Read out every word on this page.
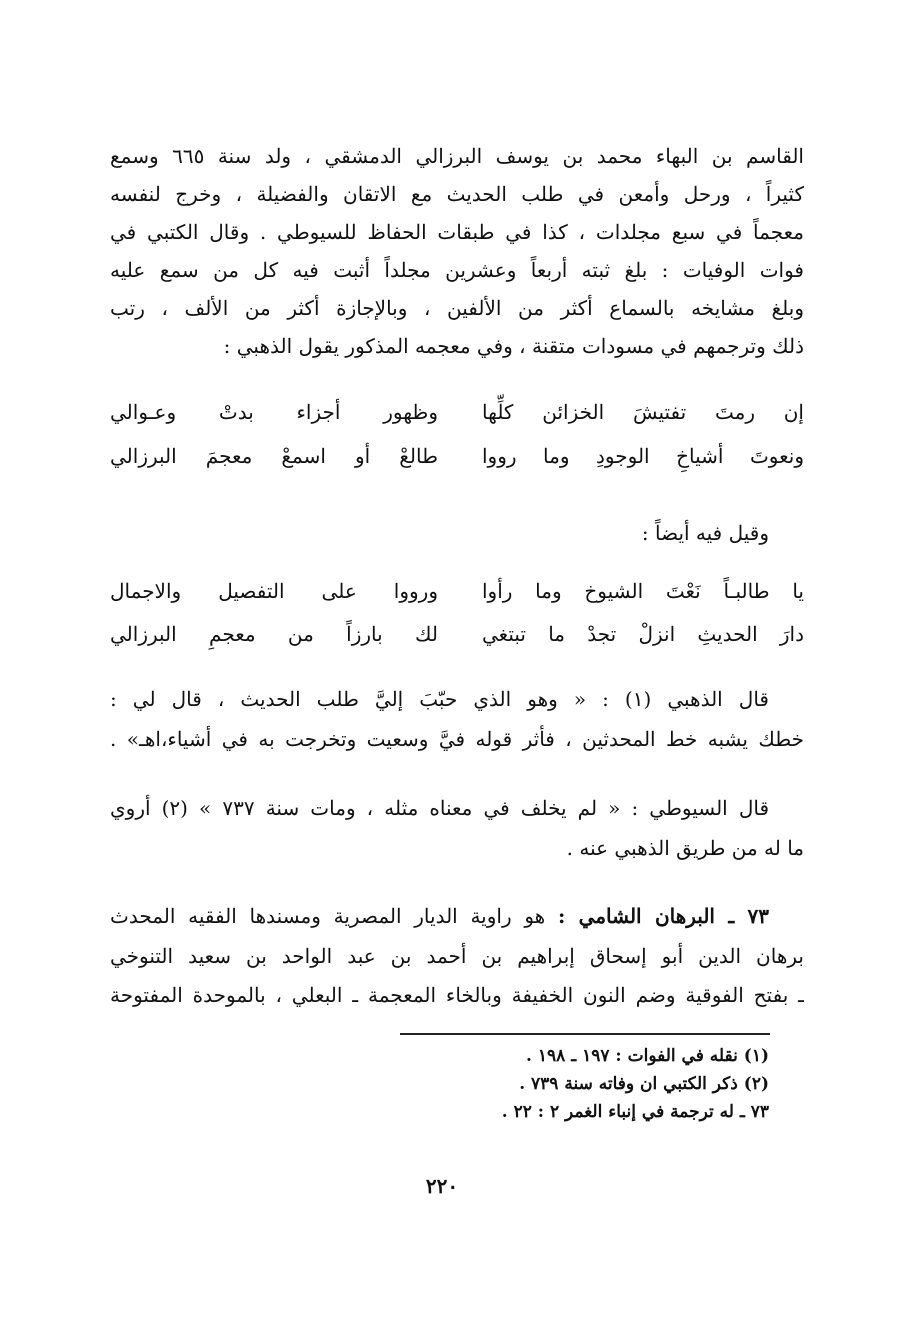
القاسم بن البهاء محمد بن يوسف البرزالي الدمشقي ، ولد سنة ٦٦٥ وسمع
كثيراً ، ورحل وأمعن في طلب الحديث مع الاتقان والفضيلة ، وخرج لنفسه
معجماً في سبع مجلدات ، كذا في طبقات الحفاظ للسيوطي . وقال الكتبي في
فوات الوفيات : بلغ ثبته أربعاً وعشرين مجلداً أثبت فيه كل من سمع عليه
وبلغ مشايخه بالسماع أكثر من الألفين ، وبالإجازة أكثر من الألف ، رتب
ذلك وترجمهم في مسودات متقنة ، وفي معجمه المذكور يقول الذهبي :
إن رمتَ تفتيشَ الخزائن كلِّها
وظهور أجزاء بدتْ وعـوالي
ونعوتَ أشياخِ الوجودِ وما رووا
طالعْ أو اسمعْ معجمَ البرزالي
وقيل فيه أيضاً :
يا طالبـاً نَعْتَ الشيوخ وما رأوا
ورووا على التفصيل والاجمال
دارَ الحديثِ انزلْ تجدْ ما تبتغي
لك بارزاً من معجمِ البرزالي
قال الذهبي (١) : « وهو الذي حبّبَ إليَّ طلب الحديث ، قال لي :
خطك يشبه خط المحدثين ، فأثر قوله فيَّ وسعيت وتخرجت به في أشياء،اهـ» .
قال السيوطي : « لم يخلف في معناه مثله ، ومات سنة ٧٣٧ » (٢) أروي
ما له من طريق الذهبي عنه .
٧٣ ـ البرهان الشامي : هو راوية الديار المصرية ومسندها الفقيه المحدث
برهان الدين أبو إسحاق إبراهيم بن أحمد بن عبد الواحد بن سعيد التنوخي
ـ بفتح الفوقية وضم النون الخفيفة وبالخاء المعجمة ـ البعلي ، بالموحدة المفتوحة
(١) نقله في الفوات : ١٩٧ ـ ١٩٨ .
(٢) ذكر الكتبي ان وفاته سنة ٧٣٩ .
٧٣ ـ له ترجمة في إنباء الغمر ٢ : ٢٢ .
٢٢٠
